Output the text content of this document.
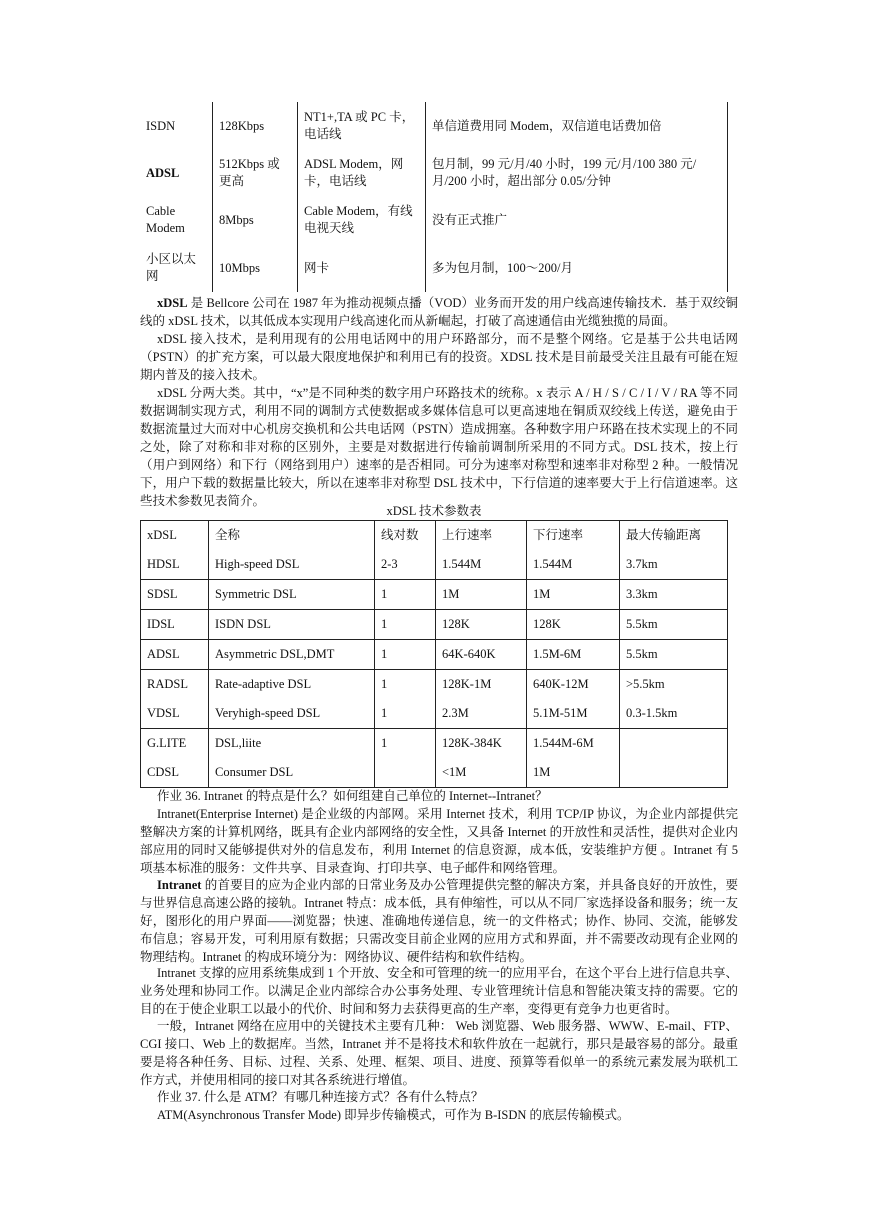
ISDN	128Kbps	NT1+,TA 或 PC 卡，电话线	单信道费用同 Modem，双信道电话费加倍
ADSL	512Kbps 或更高	ADSL Modem，网卡，电话线	包月制，99 元/月/40 小时，199 元/月/100 380 元/月/200 小时，超出部分 0.05/分钟
Cable Modem	8Mbps	Cable Modem，有线电视天线	没有正式推广
小区以太网	10Mbps	网卡	多为包月制，100～200/月

xDSL 是 Bellcore 公司在 1987 年为推动视频点播（VOD）业务而开发的用户线高速传输技术．基于双绞铜线的 xDSL 技术，以其低成本实现用户线高速化而从新崛起，打破了高速通信由光缆独揽的局面。

xDSL 接入技术，是利用现有的公用电话网中的用户环路部分，而不是整个网络。它是基于公共电话网（PSTN）的扩充方案，可以最大限度地保护和利用已有的投资。XDSL 技术是目前最受关注且最有可能在短期内普及的接入技术。

xDSL 分两大类。其中，“x”是不同种类的数字用户环路技术的统称。x 表示 A / H / S / C / I / V / RA 等不同数据调制实现方式，利用不同的调制方式使数据或多媒体信息可以更高速地在铜质双绞线上传送，避免由于数据流量过大而对中心机房交换机和公共电话网（PSTN）造成拥塞。各种数字用户环路在技术实现上的不同之处，除了对称和非对称的区别外，主要是对数据进行传输前调制所采用的不同方式。DSL 技术，按上行（用户到网络）和下行（网络到用户）速率的是否相同。可分为速率对称型和速率非对称型 2 种。一般情况下，用户下载的数据量比较大，所以在速率非对称型 DSL 技术中，下行信道的速率要大于上行信道速率。这些技术参数见表简介。

xDSL 技术参数表
xDSL	全称	线对数	上行速率	下行速率	最大传输距离
HDSL	High-speed DSL	2-3	1.544M	1.544M	3.7km
SDSL	Symmetric DSL	1	1M	1M	3.3km
IDSL	ISDN DSL	1	128K	128K	5.5km
ADSL	Asymmetric DSL,DMT	1	64K-640K	1.5M-6M	5.5km
RADSL	Rate-adaptive DSL	1	128K-1M	640K-12M	>5.5km
VDSL	Veryhigh-speed DSL	1	2.3M	5.1M-51M	0.3-1.5km
G.LITE	DSL,liite	1	128K-384K	1.544M-6M	
CDSL	Consumer DSL		<1M	1M	

作业 36. Intranet 的特点是什么？如何组建自己单位的 Internet--Intranet？

Intranet(Enterprise Internet) 是企业级的内部网。采用 Internet 技术，利用 TCP/IP 协议，为企业内部提供完整解决方案的计算机网络，既具有企业内部网络的安全性，又具备 Internet 的开放性和灵活性，提供对企业内部应用的同时又能够提供对外的信息发布，利用 Internet 的信息资源，成本低，安装维护方便 。Intranet 有 5 项基本标准的服务：文件共享、目录查询、打印共享、电子邮件和网络管理。

Intranet 的首要目的应为企业内部的日常业务及办公管理提供完整的解决方案，并具备良好的开放性，要与世界信息高速公路的接轨。Intranet 特点：成本低，具有伸缩性，可以从不同厂家选择设备和服务；统一友好，图形化的用户界面——浏览器；快速、准确地传递信息，统一的文件格式；协作、协同、交流，能够发布信息；容易开发，可利用原有数据；只需改变目前企业网的应用方式和界面，并不需要改动现有企业网的物理结构。Intranet 的构成环境分为：网络协议、硬件结构和软件结构。

Intranet 支撑的应用系统集成到 1 个开放、安全和可管理的统一的应用平台，在这个平台上进行信息共享、业务处理和协同工作。以满足企业内部综合办公事务处理、专业管理统计信息和智能决策支持的需要。它的目的在于使企业职工以最小的代价、时间和努力去获得更高的生产率，变得更有竞争力也更省时。

一般，Intranet 网络在应用中的关键技术主要有几种： Web 浏览器、Web 服务器、WWW、E-mail、FTP、CGI 接口、Web 上的数据库。当然，Intranet 并不是将技术和软件放在一起就行，那只是最容易的部分。最重要是将各种任务、目标、过程、关系、处理、框架、项目、进度、预算等看似单一的系统元素发展为联机工作方式，并使用相同的接口对其各系统进行增值。

作业 37. 什么是 ATM？有哪几种连接方式？各有什么特点？

ATM(Asynchronous Transfer Mode) 即异步传输模式，可作为 B-ISDN 的底层传输模式。
